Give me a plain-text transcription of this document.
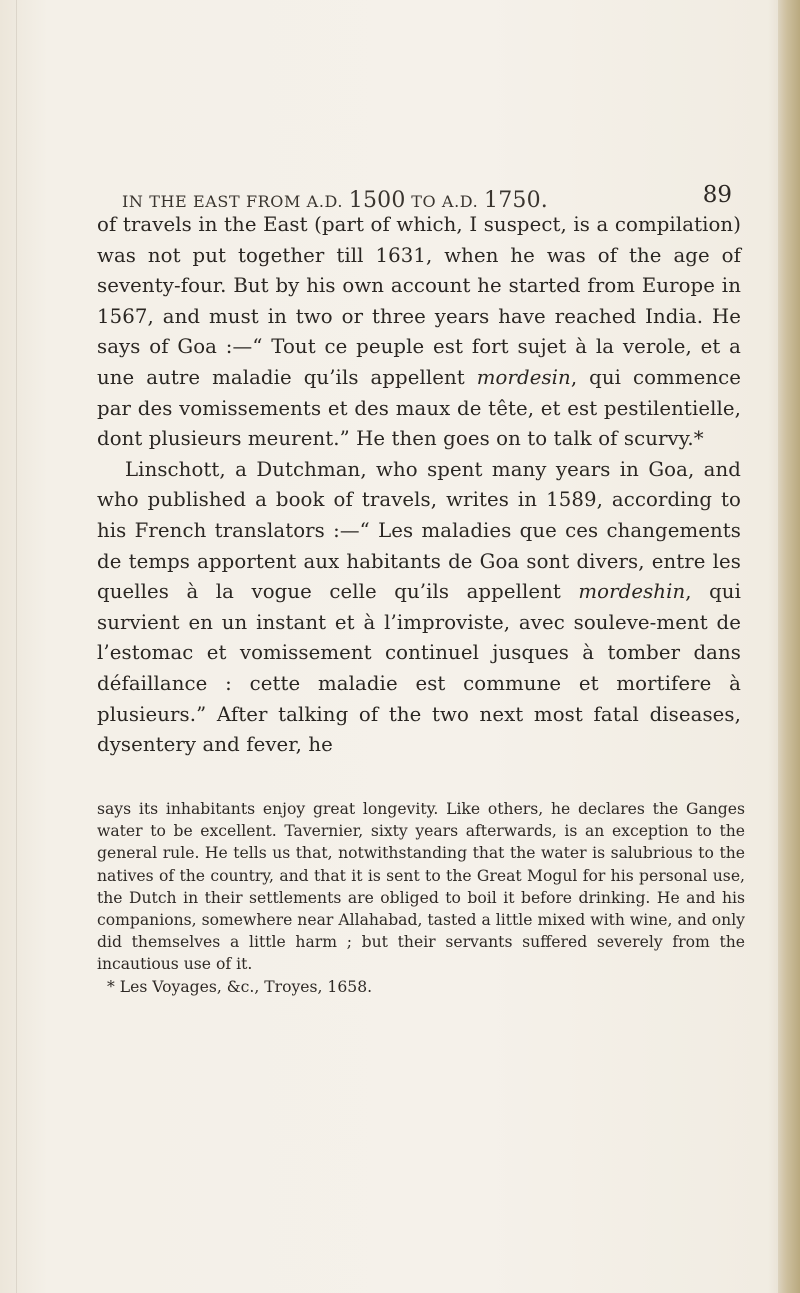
IN THE EAST FROM A.D. 1500 TO A.D. 1750.	89

of travels in the East (part of which, I suspect, is a compilation) was not put together till 1631, when he was of the age of seventy-four. But by his own account he started from Europe in 1567, and must in two or three years have reached India. He says of Goa :—“ Tout ce peuple est fort sujet à la verole, et a une autre maladie qu’ils appellent mordesin, qui commence par des vomissements et des maux de tête, et est pestilentielle, dont plusieurs meurent.” He then goes on to talk of scurvy.*

Linschott, a Dutchman, who spent many years in Goa, and who published a book of travels, writes in 1589, according to his French translators :—“ Les maladies que ces changements de temps apportent aux habitants de Goa sont divers, entre les quelles à la vogue celle qu’ils appellent mordeshin, qui survient en un instant et à l’improviste, avec souleve-ment de l’estomac et vomissement continuel jusques à tomber dans défaillance : cette maladie est commune et mortifere à plusieurs.” After talking of the two next most fatal diseases, dysentery and fever, he

says its inhabitants enjoy great longevity. Like others, he declares the Ganges water to be excellent. Tavernier, sixty years afterwards, is an exception to the general rule. He tells us that, notwithstanding that the water is salubrious to the natives of the country, and that it is sent to the Great Mogul for his personal use, the Dutch in their settlements are obliged to boil it before drinking. He and his companions, somewhere near Allahabad, tasted a little mixed with wine, and only did themselves a little harm ; but their servants suffered severely from the incautious use of it.

* Les Voyages, &c., Troyes, 1658.
